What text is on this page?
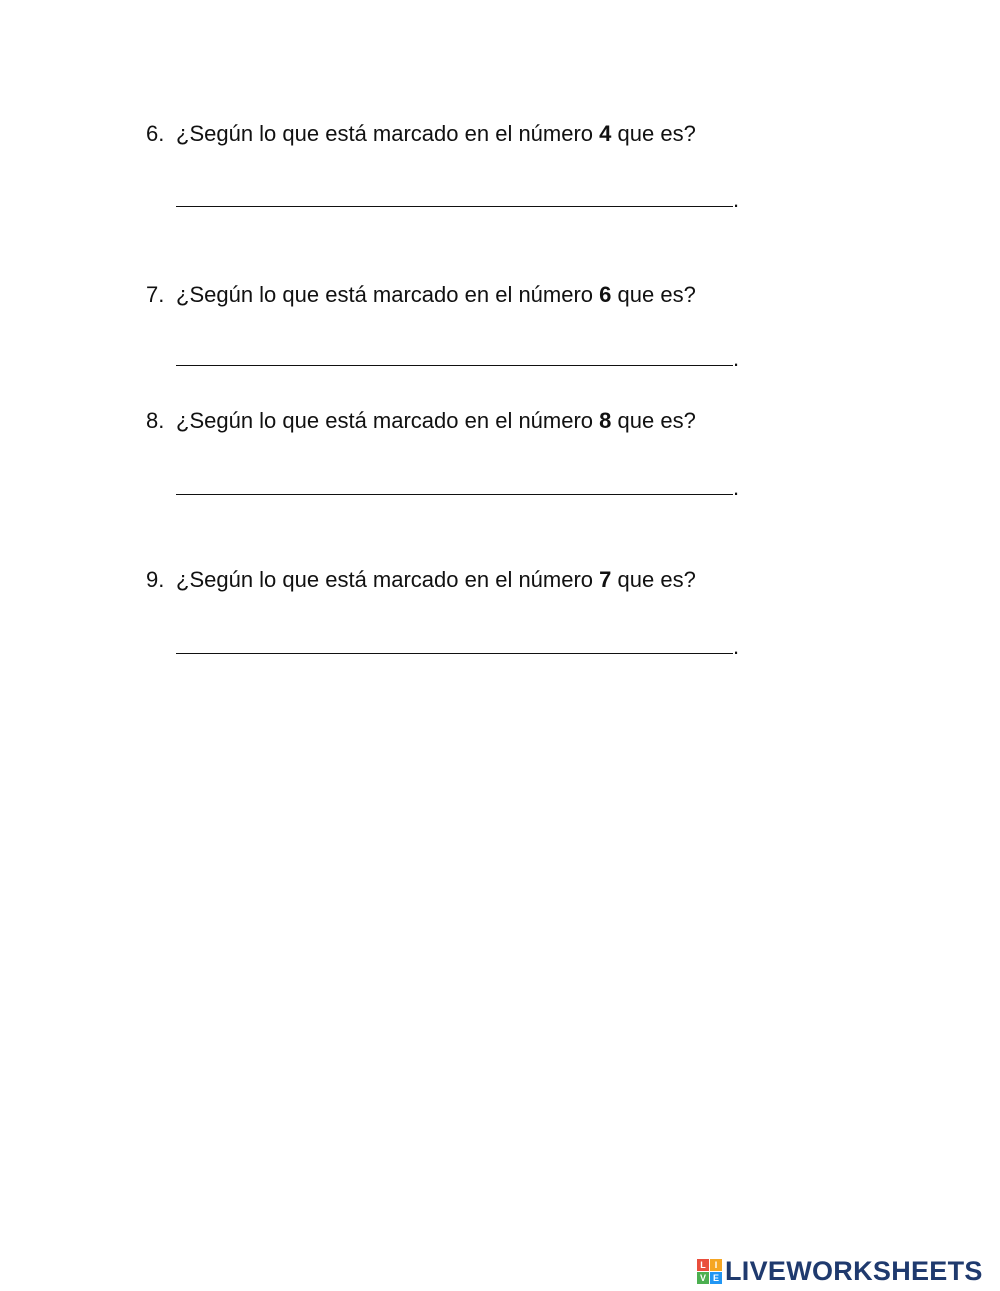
6. ¿Según lo que está marcado en el número 4 que es?
.
7. ¿Según lo que está marcado en el número 6 que es?
.
8. ¿Según lo que está marcado en el número 8 que es?
.
9. ¿Según lo que está marcado en el número 7 que es?
.
L I
V E LIVEWORKSHEETS
